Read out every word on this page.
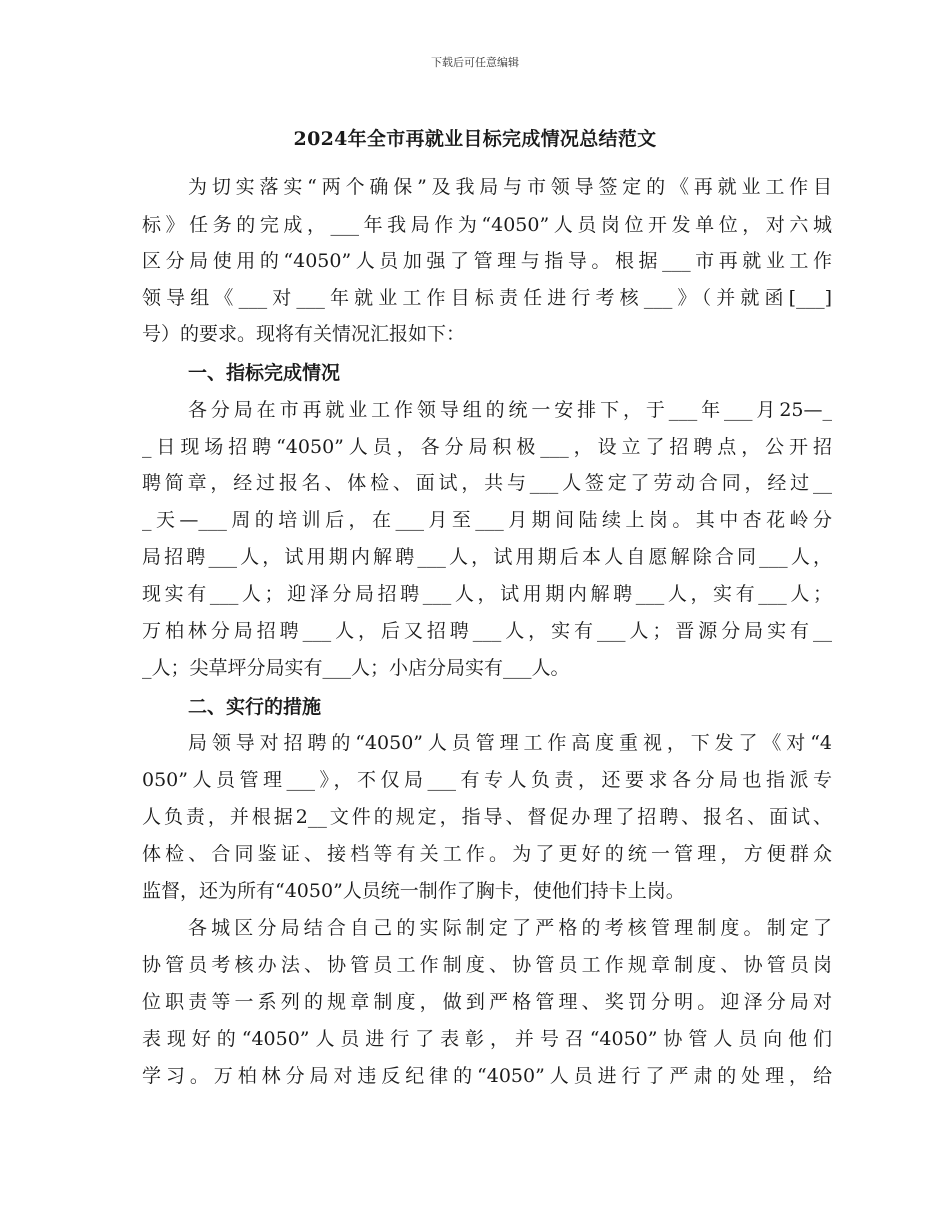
下载后可任意编辑
2024年全市再就业目标完成情况总结范文
为切实落实“两个确保”及我局与市领导签定的《再就业工作目
标》任务的完成，___年我局作为“4050”人员岗位开发单位，对六城
区分局使用的“4050”人员加强了管理与指导。根据___市再就业工作
领导组《___对___年就业工作目标责任进行考核___》（并就函[___]
号）的要求。现将有关情况汇报如下：
一、指标完成情况
各分局在市再就业工作领导组的统一安排下，于___年___月25—_
_日现场招聘“4050”人员，各分局积极___，设立了招聘点，公开招
聘简章，经过报名、体检、面试，共与___人签定了劳动合同，经过__
_天—___周的培训后，在___月至___月期间陆续上岗。其中杏花岭分
局招聘___人，试用期内解聘___人，试用期后本人自愿解除合同___人，
现实有___人；迎泽分局招聘___人，试用期内解聘___人，实有___人；
万柏林分局招聘___人，后又招聘___人，实有___人；晋源分局实有__
_人；尖草坪分局实有___人；小店分局实有___人。
二、实行的措施
局领导对招聘的“4050”人员管理工作高度重视，下发了《对“4
050”人员管理___》，不仅局___有专人负责，还要求各分局也指派专
人负责，并根据2__文件的规定，指导、督促办理了招聘、报名、面试、
体检、合同鉴证、接档等有关工作。为了更好的统一管理，方便群众
监督，还为所有“4050”人员统一制作了胸卡，使他们持卡上岗。
各城区分局结合自己的实际制定了严格的考核管理制度。制定了
协管员考核办法、协管员工作制度、协管员工作规章制度、协管员岗
位职责等一系列的规章制度，做到严格管理、奖罚分明。迎泽分局对
表现好的“4050”人员进行了表彰，并号召“4050”协管人员向他们
学习。万柏林分局对违反纪律的“4050”人员进行了严肃的处理，给
